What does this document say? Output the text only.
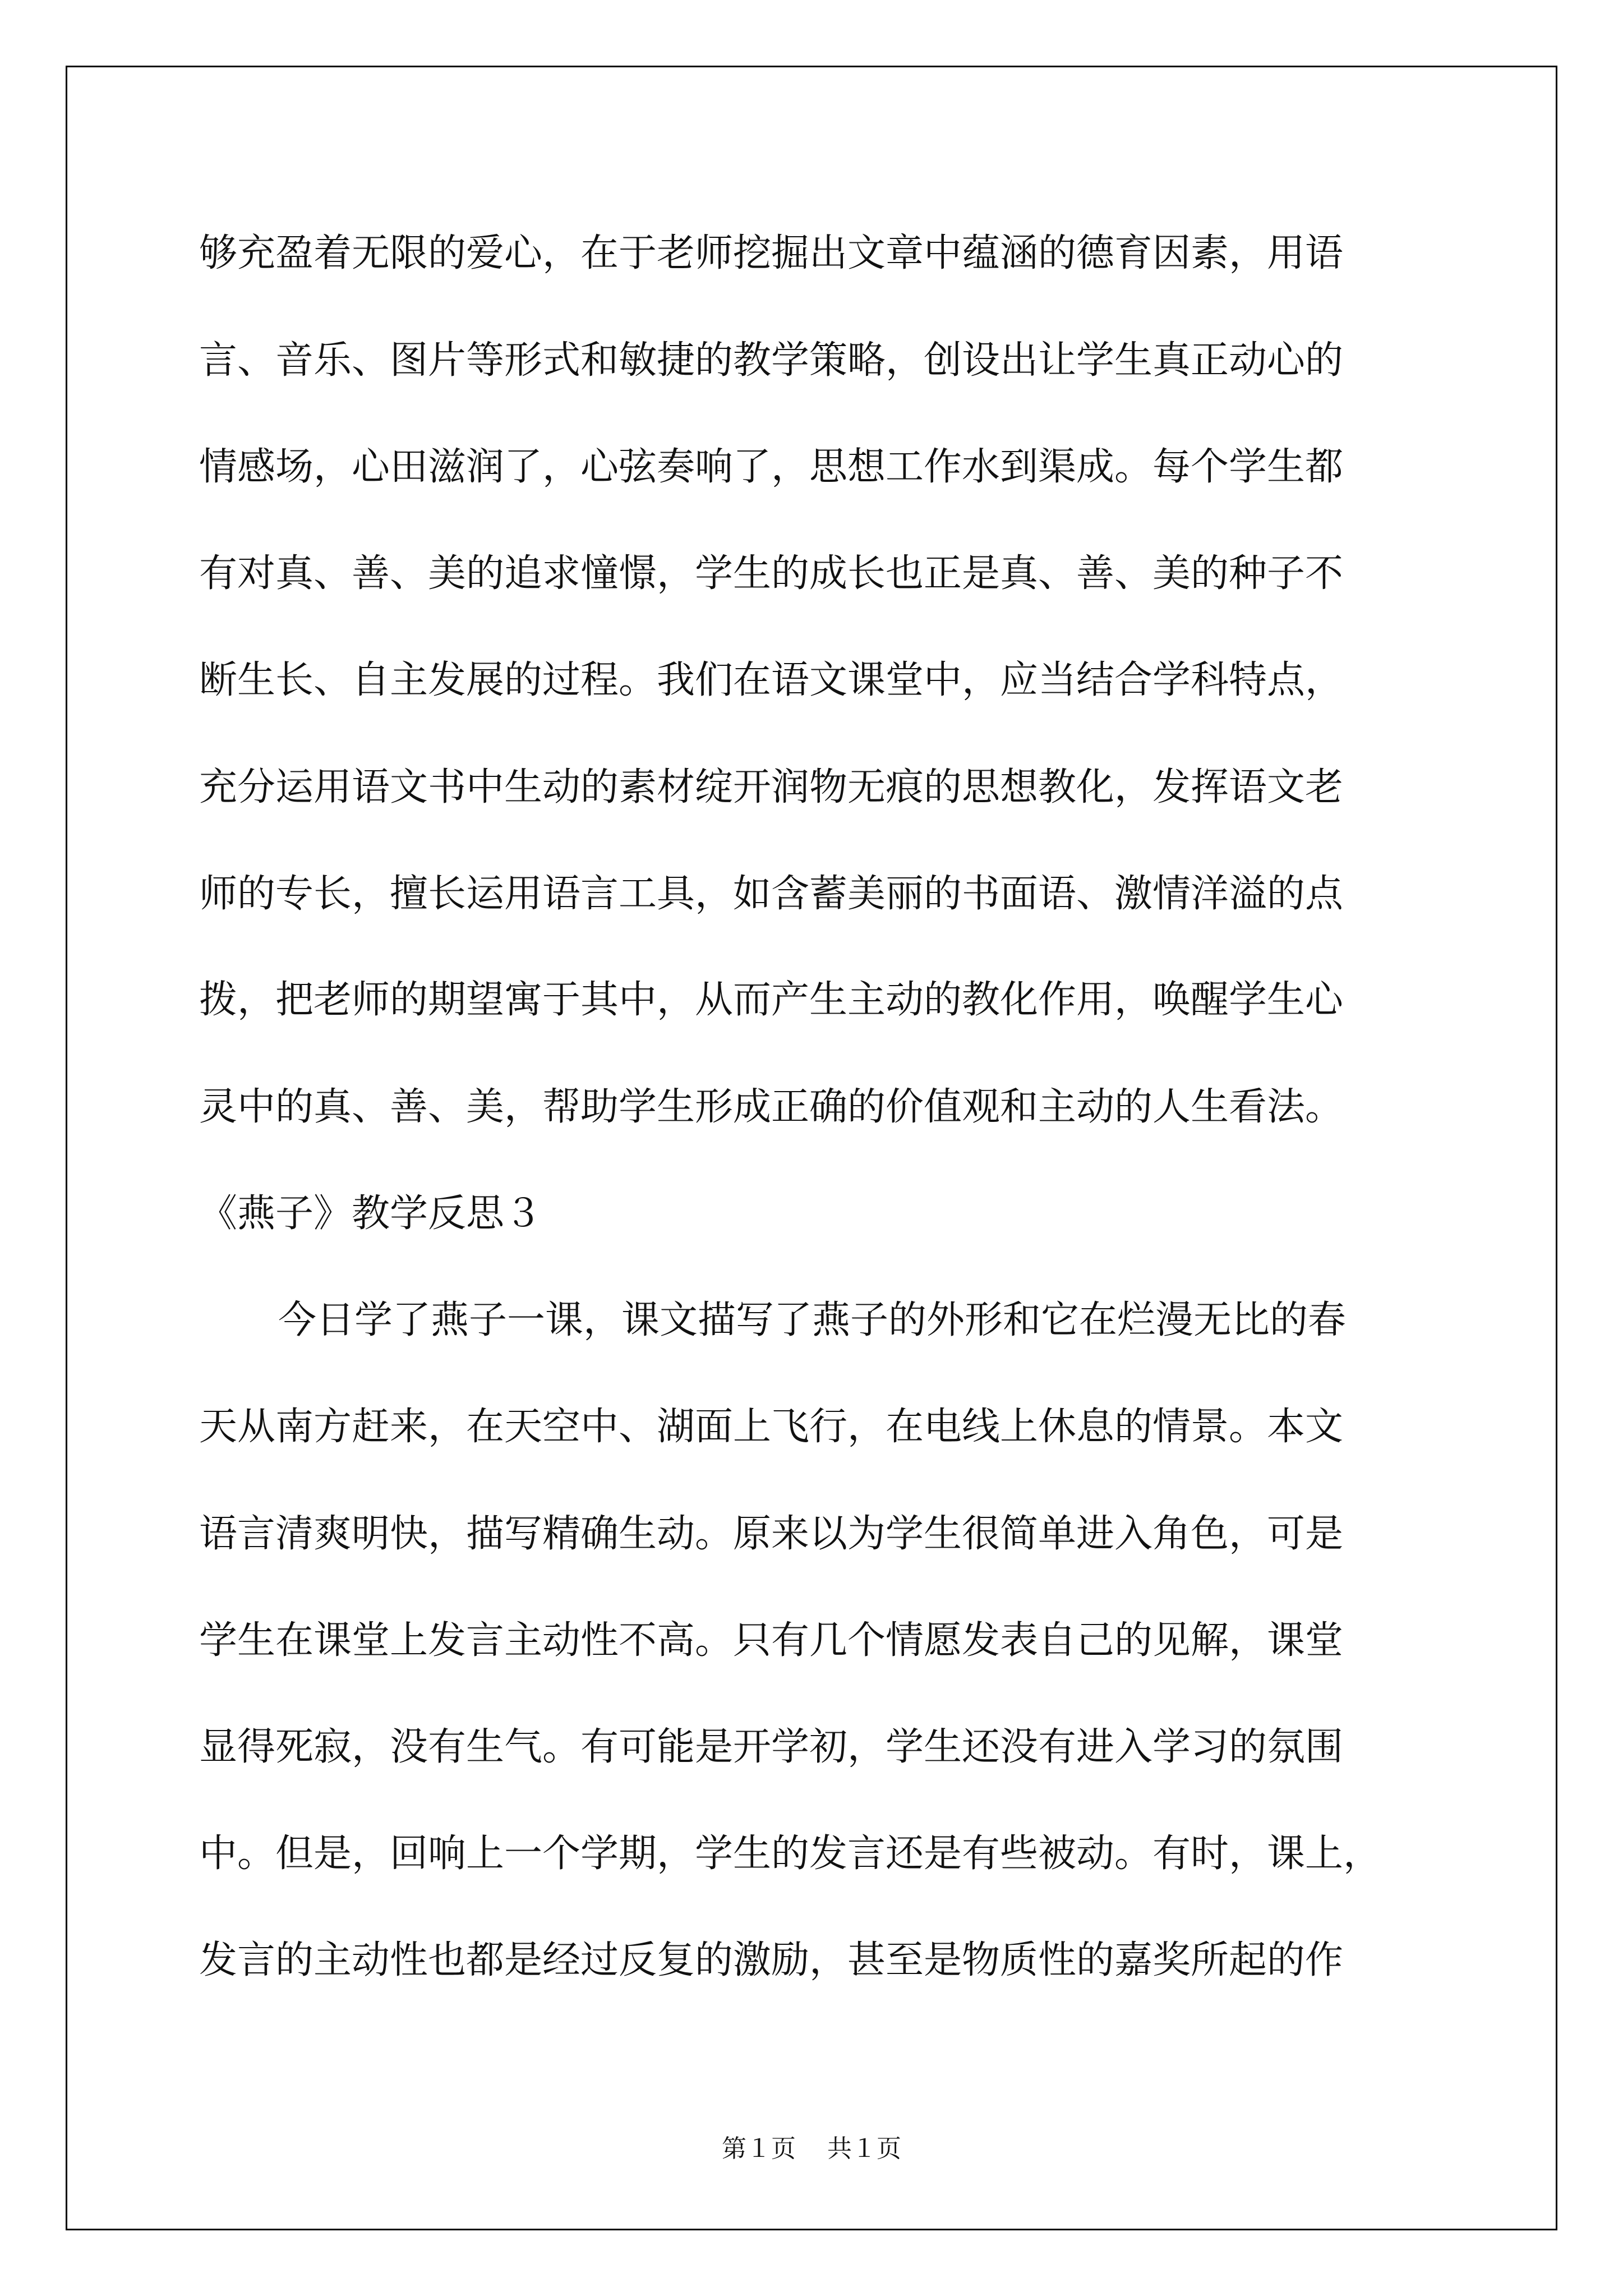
够充盈着无限的爱心，在于老师挖掘出文章中蕴涵的德育因素，用语

言、音乐、图片等形式和敏捷的教学策略，创设出让学生真正动心的

情感场，心田滋润了，心弦奏响了，思想工作水到渠成。每个学生都

有对真、善、美的追求憧憬，学生的成长也正是真、善、美的种子不

断生长、自主发展的过程。我们在语文课堂中，应当结合学科特点，

充分运用语文书中生动的素材绽开润物无痕的思想教化，发挥语文老

师的专长，擅长运用语言工具，如含蓄美丽的书面语、激情洋溢的点

拨，把老师的期望寓于其中，从而产生主动的教化作用，唤醒学生心

灵中的真、善、美，帮助学生形成正确的价值观和主动的人生看法。

《燕子》教学反思３

今日学了燕子一课，课文描写了燕子的外形和它在烂漫无比的春

天从南方赶来，在天空中、湖面上飞行，在电线上休息的情景。本文

语言清爽明快，描写精确生动。原来以为学生很简单进入角色，可是

学生在课堂上发言主动性不高。只有几个情愿发表自己的见解，课堂

显得死寂，没有生气。有可能是开学初，学生还没有进入学习的氛围

中。但是，回响上一个学期，学生的发言还是有些被动。有时，课上，

发言的主动性也都是经过反复的激励，甚至是物质性的嘉奖所起的作

第１页 共１页
